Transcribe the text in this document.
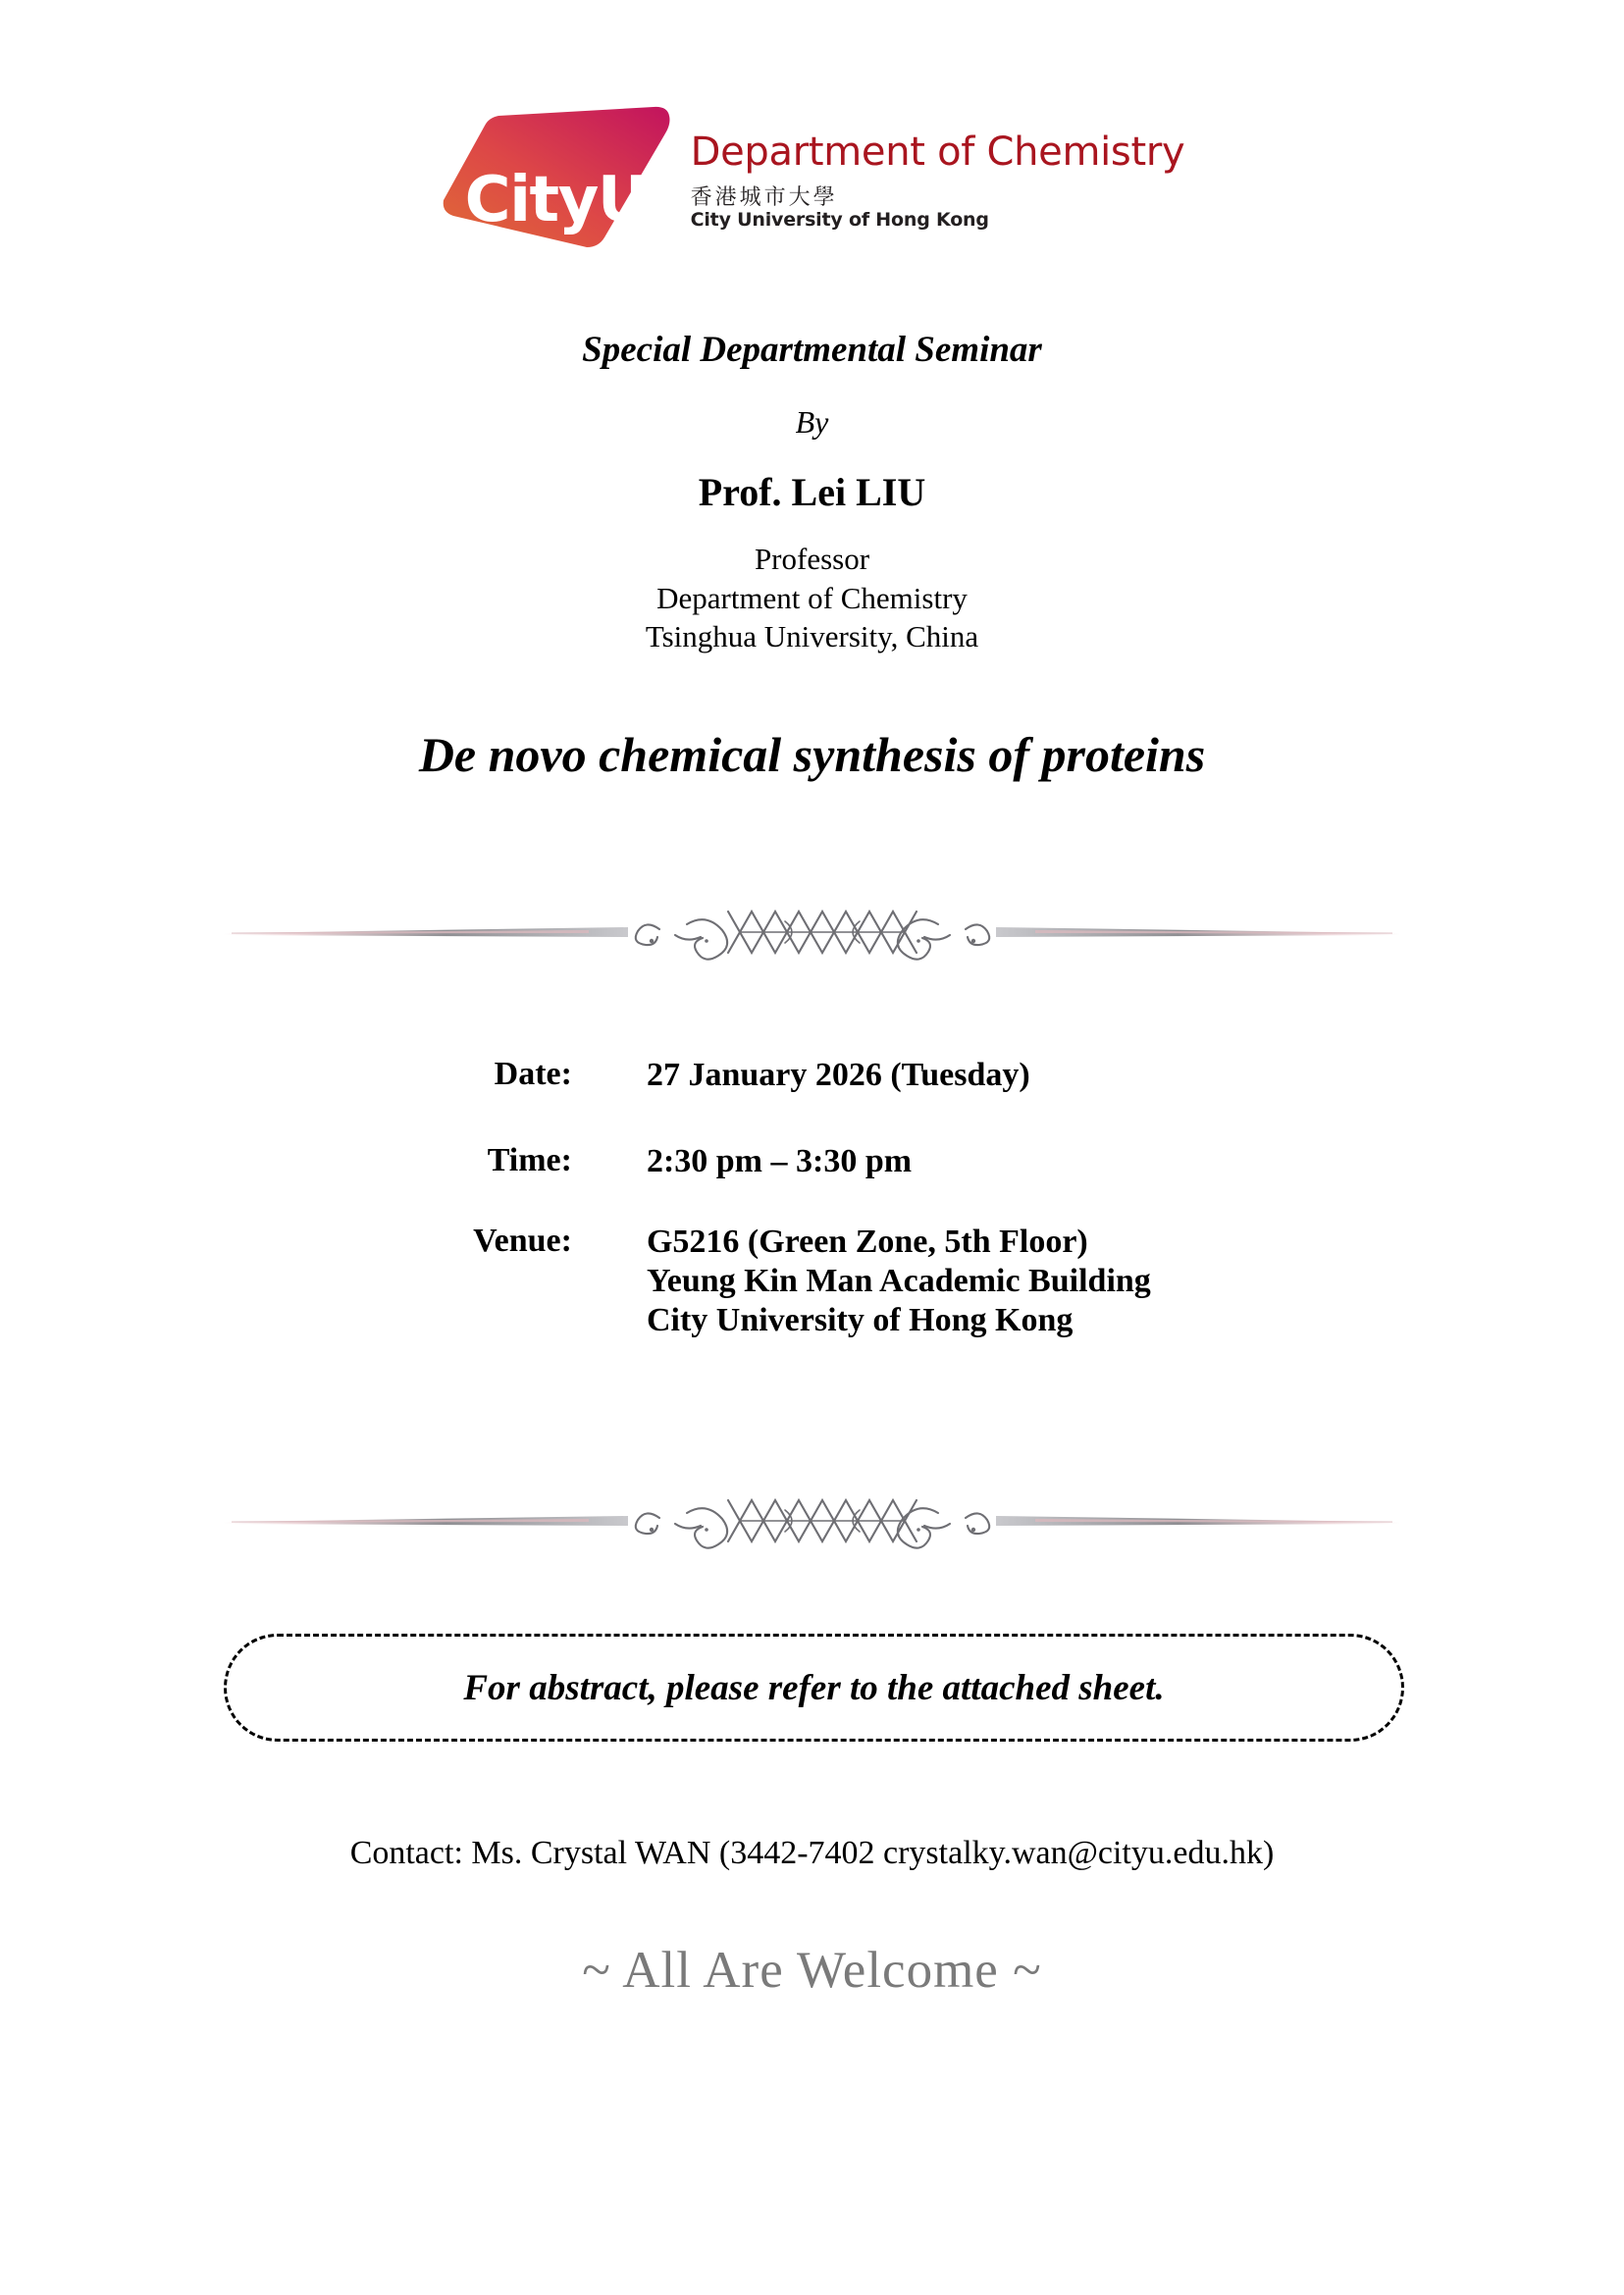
CityU
Department of Chemistry
香港城市大學
City University of Hong Kong
Special Departmental Seminar
By
Prof. Lei LIU
Professor
Department of Chemistry
Tsinghua University, China
De novo chemical synthesis of proteins
Date:	27 January 2026 (Tuesday)

Time:	2:30 pm – 3:30 pm

Venue:	G5216 (Green Zone, 5th Floor)
Yeung Kin Man Academic Building
City University of Hong Kong
For abstract, please refer to the attached sheet.
Contact: Ms. Crystal WAN (3442-7402 crystalky.wan@cityu.edu.hk)
~ All Are Welcome ~
